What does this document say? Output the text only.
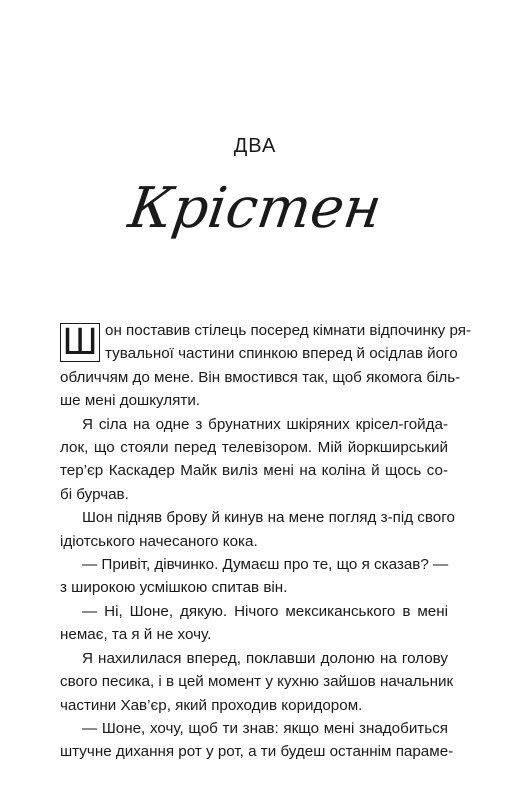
ДВА
Крістен

Ш он поставив стілець посеред кімнати відпочинку ря-
тувальної частини спинкою вперед й осідлав його
обличчям до мене. Він вмостився так, щоб якомога біль-
ше мені дошкуляти.

Я сіла на одне з брунатних шкіряних крісел-гойда-
лок, що стояли перед телевізором. Мій йоркширський
тер’єр Каскадер Майк виліз мені на коліна й щось со-
бі бурчав.

Шон підняв брову й кинув на мене погляд з-під свого
ідіотського начесаного кока.

— Привіт, дівчинко. Думаєш про те, що я сказав? —
з широкою усмішкою спитав він.

— Ні, Шоне, дякую. Нічого мексиканського в мені
немає, та я й не хочу.

Я нахилилася вперед, поклавши долоню на голову
свого песика, і в цей момент у кухню зайшов начальник
частини Хав’єр, який проходив коридором.

— Шоне, хочу, щоб ти знав: якщо мені знадобиться
штучне дихання рот у рот, а ти будеш останнім параме-
